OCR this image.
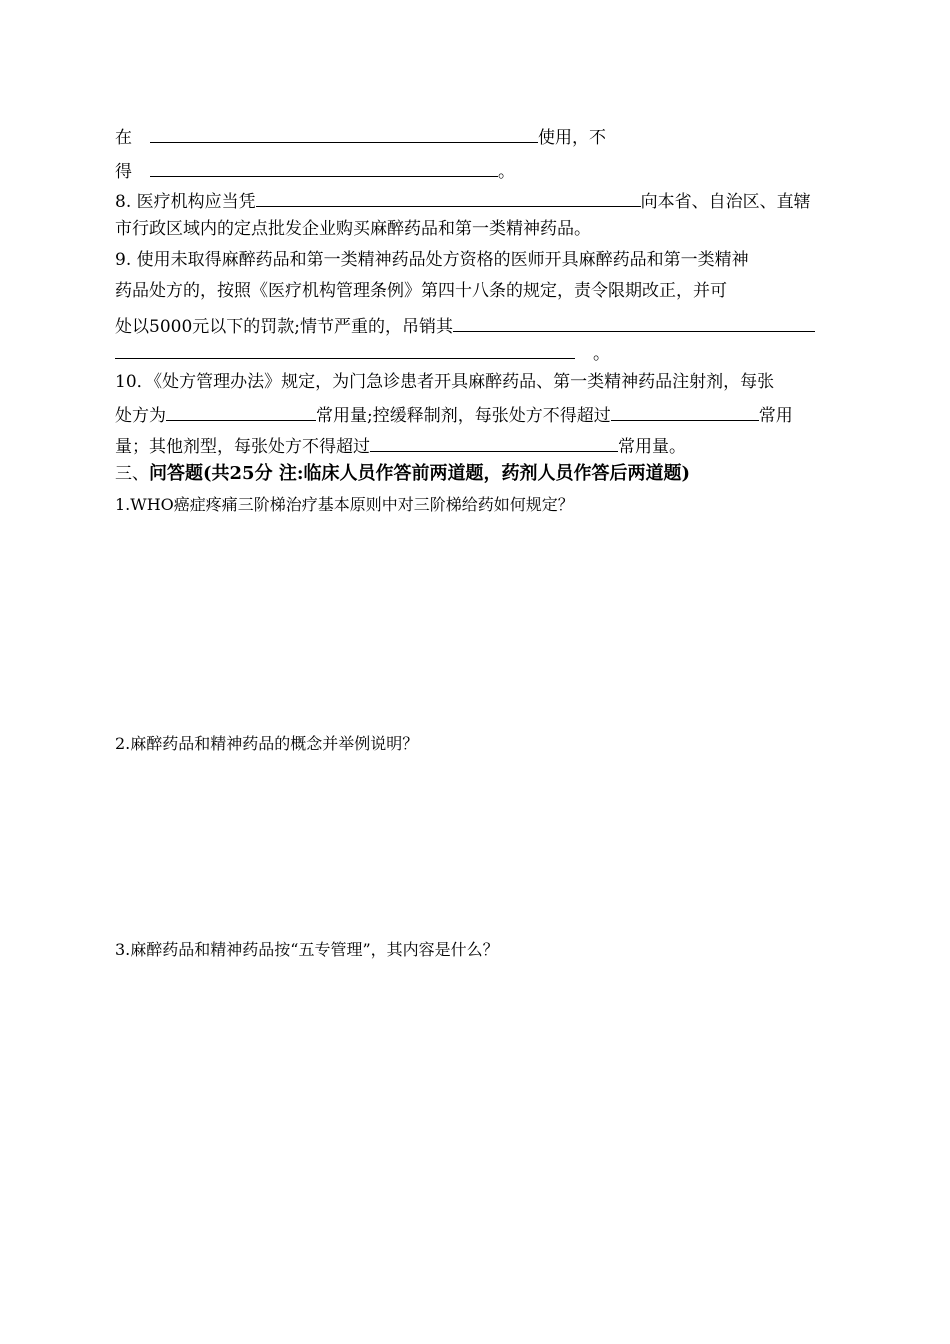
在	使用，不
得	。
8. 医疗机构应当凭	向本省、自治区、直辖
市行政区域内的定点批发企业购买麻醉药品和第一类精神药品。
9. 使用未取得麻醉药品和第一类精神药品处方资格的医师开具麻醉药品和第一类精神
药品处方的，按照《医疗机构管理条例》第四十八条的规定，责令限期改正，并可
处以5000元以下的罚款;情节严重的，吊销其
。
10．《处方管理办法》规定，为门急诊患者开具麻醉药品、第一类精神药品注射剂，每张
处方为	常用量;控缓释制剂，每张处方不得超过	常用
量；其他剂型，每张处方不得超过	常用量。
三、问答题(共25分 注:临床人员作答前两道题，药剂人员作答后两道题)
1.WHO癌症疼痛三阶梯治疗基本原则中对三阶梯给药如何规定？
2.麻醉药品和精神药品的概念并举例说明？
3.麻醉药品和精神药品按“五专管理”，其内容是什么？
